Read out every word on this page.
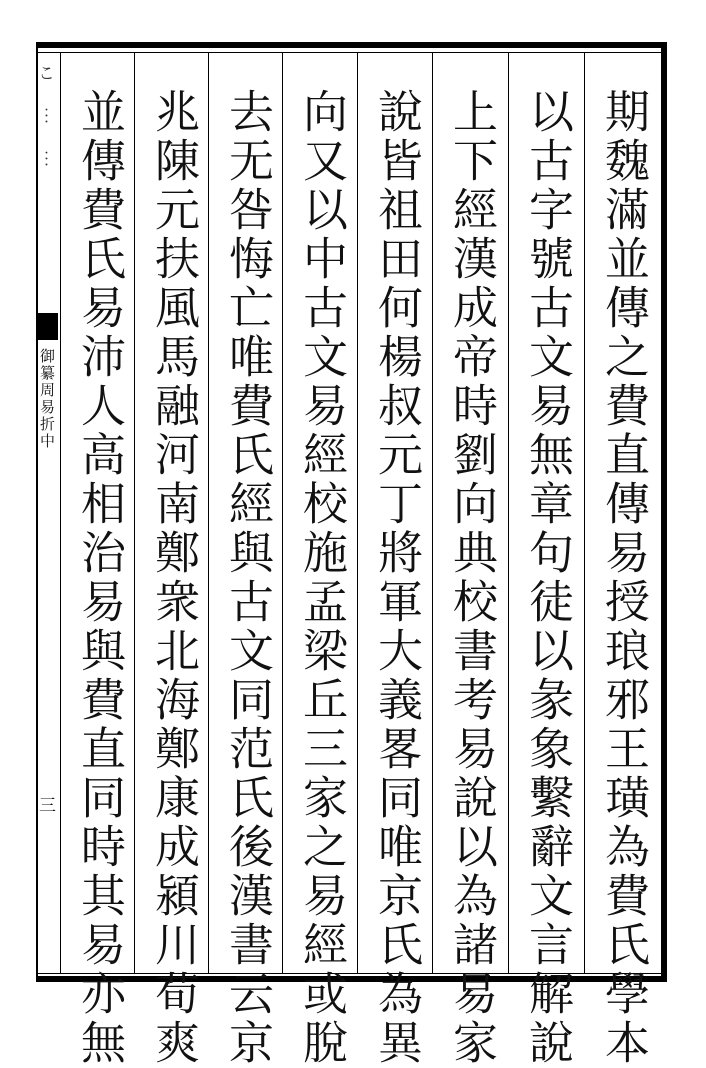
こ ︙ ︙
御纂周易折中
三	期魏滿並傳之費直傳易授琅邪王璜為費氏學本
以古字號古文易無章句徒以彖象繫辭文言解說
上下經漢成帝時劉向典校書考易說以為諸易家
說皆祖田何楊叔元丁將軍大義畧同唯京氏為異
向又以中古文易經校施孟梁丘三家之易經或脫
去无咎悔亡唯費氏經與古文同范氏後漢書云京
兆陳元扶風馬融河南鄭衆北海鄭康成潁川荀爽
並傳費氏易沛人高相治易與費直同時其易亦無
